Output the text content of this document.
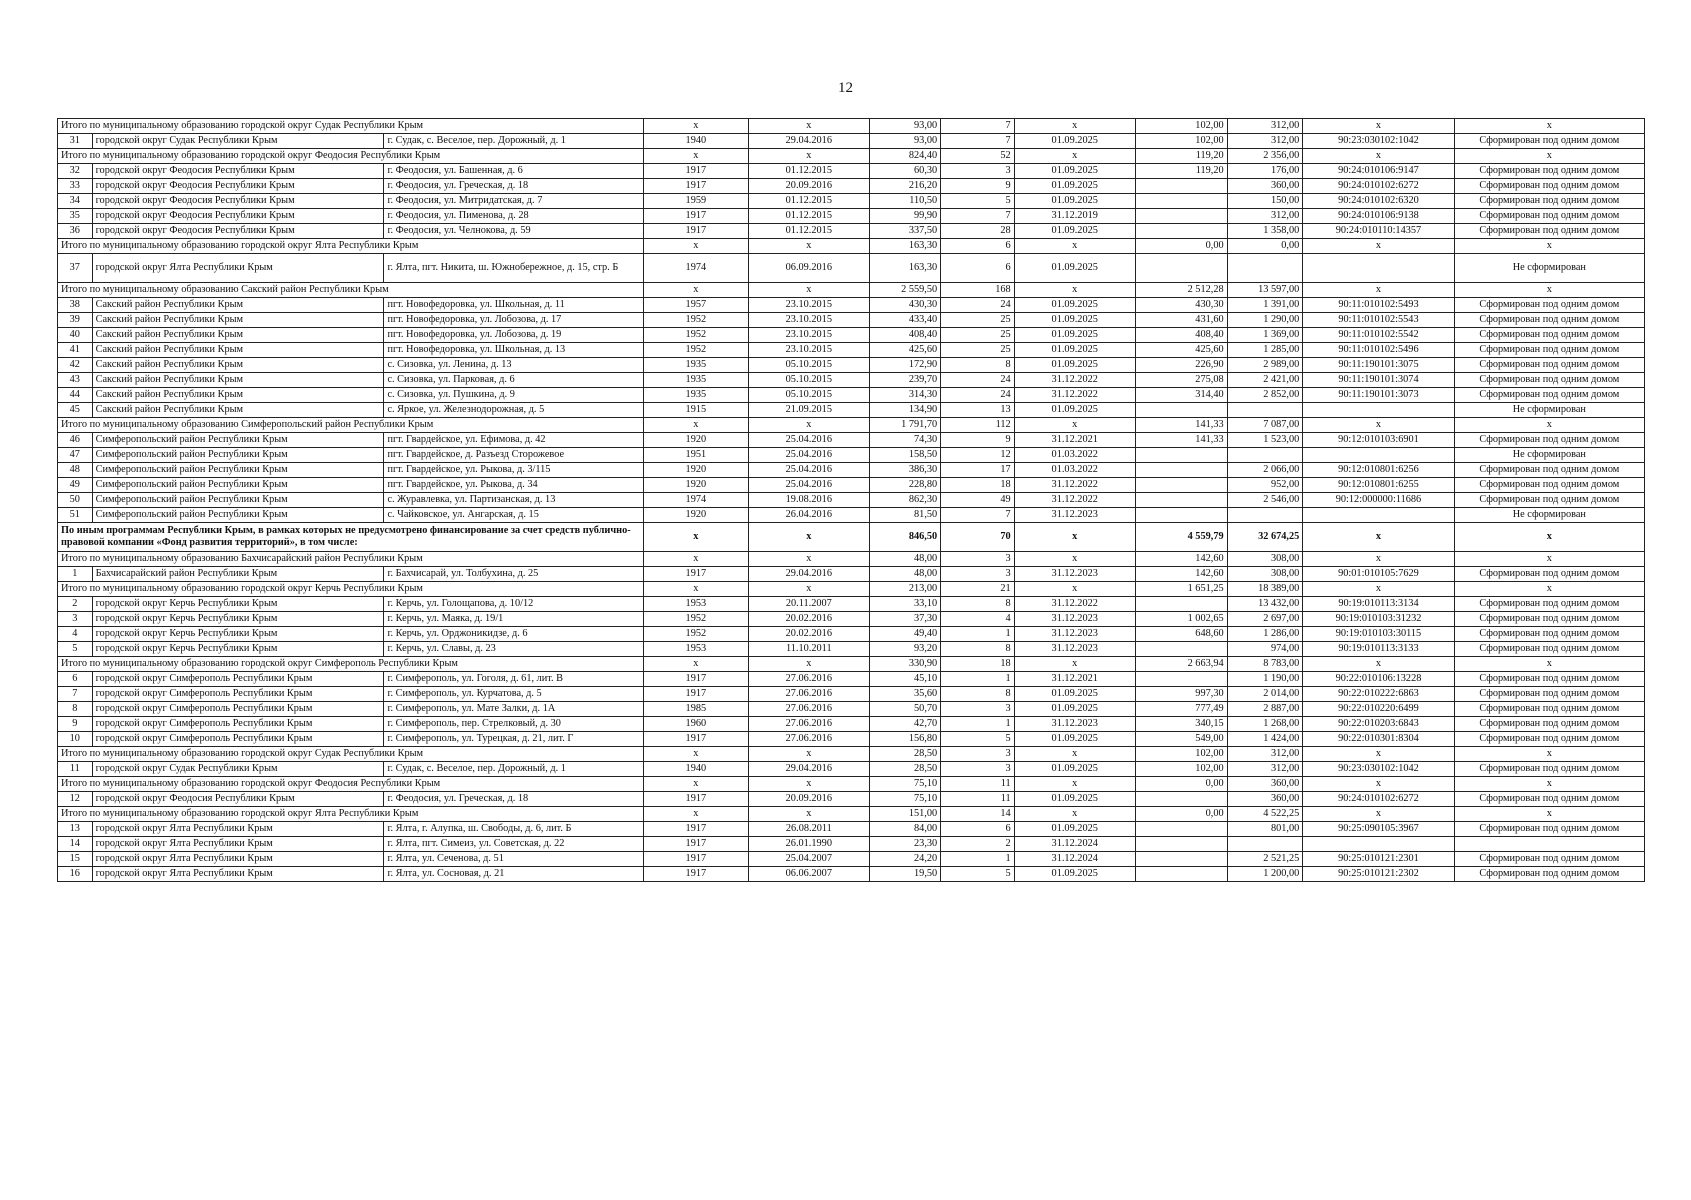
12
Итого по муниципальному образованию городской округ Судак Республики Крым			x	x	93,00	7	x	102,00	312,00	x	x
31	городской округ Судак Республики Крым	г. Судак, с. Веселое, пер. Дорожный, д. 1	1940	29.04.2016	93,00	7	01.09.2025	102,00	312,00	90:23:030102:1042	Сформирован под одним домом
Итого по муниципальному образованию городской округ Феодосия Республики Крым			x	x	824,40	52	x	119,20	2 356,00	x	x
32	городской округ Феодосия Республики Крым	г. Феодосия, ул. Башенная, д. 6	1917	01.12.2015	60,30	3	01.09.2025	119,20	176,00	90:24:010106:9147	Сформирован под одним домом
33	городской округ Феодосия Республики Крым	г. Феодосия, ул. Греческая, д. 18	1917	20.09.2016	216,20	9	01.09.2025		360,00	90:24:010102:6272	Сформирован под одним домом
34	городской округ Феодосия Республики Крым	г. Феодосия, ул. Митридатская, д. 7	1959	01.12.2015	110,50	5	01.09.2025		150,00	90:24:010102:6320	Сформирован под одним домом
35	городской округ Феодосия Республики Крым	г. Феодосия, ул. Пименова, д. 28	1917	01.12.2015	99,90	7	31.12.2019		312,00	90:24:010106:9138	Сформирован под одним домом
36	городской округ Феодосия Республики Крым	г. Феодосия, ул. Челнокова, д. 59	1917	01.12.2015	337,50	28	01.09.2025		1 358,00	90:24:010110:14357	Сформирован под одним домом
Итого по муниципальному образованию городской округ Ялта Республики Крым			x	x	163,30	6	x	0,00	0,00	x	x
37	городской округ Ялта Республики Крым	г. Ялта, пгт. Никита, ш. Южнобережное, д. 15, стр. Б	1974	06.09.2016	163,30	6	01.09.2025				Не сформирован
Итого по муниципальному образованию Сакский район Республики Крым			x	x	2 559,50	168	x	2 512,28	13 597,00	x	x
38	Сакский район Республики Крым	пгт. Новофедоровка, ул. Школьная, д. 11	1957	23.10.2015	430,30	24	01.09.2025	430,30	1 391,00	90:11:010102:5493	Сформирован под одним домом
39	Сакский район Республики Крым	пгт. Новофедоровка, ул. Лобозова, д. 17	1952	23.10.2015	433,40	25	01.09.2025	431,60	1 290,00	90:11:010102:5543	Сформирован под одним домом
40	Сакский район Республики Крым	пгт. Новофедоровка, ул. Лобозова, д. 19	1952	23.10.2015	408,40	25	01.09.2025	408,40	1 369,00	90:11:010102:5542	Сформирован под одним домом
41	Сакский район Республики Крым	пгт. Новофедоровка, ул. Школьная, д. 13	1952	23.10.2015	425,60	25	01.09.2025	425,60	1 285,00	90:11:010102:5496	Сформирован под одним домом
42	Сакский район Республики Крым	с. Сизовка, ул. Ленина, д. 13	1935	05.10.2015	172,90	8	01.09.2025	226,90	2 989,00	90:11:190101:3075	Сформирован под одним домом
43	Сакский район Республики Крым	с. Сизовка, ул. Парковая, д. 6	1935	05.10.2015	239,70	24	31.12.2022	275,08	2 421,00	90:11:190101:3074	Сформирован под одним домом
44	Сакский район Республики Крым	с. Сизовка, ул. Пушкина, д. 9	1935	05.10.2015	314,30	24	31.12.2022	314,40	2 852,00	90:11:190101:3073	Сформирован под одним домом
45	Сакский район Республики Крым	с. Яркое, ул. Железнодорожная, д. 5	1915	21.09.2015	134,90	13	01.09.2025				Не сформирован
Итого по муниципальному образованию Симферопольский район Республики Крым			x	x	1 791,70	112	x	141,33	7 087,00	x	x
46	Симферопольский район Республики Крым	пгт. Гвардейское, ул. Ефимова, д. 42	1920	25.04.2016	74,30	9	31.12.2021	141,33	1 523,00	90:12:010103:6901	Сформирован под одним домом
47	Симферопольский район Республики Крым	пгт. Гвардейское, д. Разъезд Сторожевое	1951	25.04.2016	158,50	12	01.03.2022				Не сформирован
48	Симферопольский район Республики Крым	пгт. Гвардейское, ул. Рыкова, д. 3/115	1920	25.04.2016	386,30	17	01.03.2022		2 066,00	90:12:010801:6256	Сформирован под одним домом
49	Симферопольский район Республики Крым	пгт. Гвардейское, ул. Рыкова, д. 34	1920	25.04.2016	228,80	18	31.12.2022		952,00	90:12:010801:6255	Сформирован под одним домом
50	Симферопольский район Республики Крым	с. Журавлевка, ул. Партизанская, д. 13	1974	19.08.2016	862,30	49	31.12.2022		2 546,00	90:12:000000:11686	Сформирован под одним домом
51	Симферопольский район Республики Крым	с. Чайковское, ул. Ангарская, д. 15	1920	26.04.2016	81,50	7	31.12.2023				Не сформирован
По иным программам Республики Крым, в рамках которых не предусмотрено финансирование за счет средств публично-правовой компании «Фонд развития территорий», в том числе:			x	x	846,50	70	x	4 559,79	32 674,25	x	x
Итого по муниципальному образованию Бахчисарайский район Республики Крым			x	x	48,00	3	x	142,60	308,00	x	x
1	Бахчисарайский район Республики Крым	г. Бахчисарай, ул. Толбухина, д. 25	1917	29.04.2016	48,00	3	31.12.2023	142,60	308,00	90:01:010105:7629	Сформирован под одним домом
Итого по муниципальному образованию городской округ Керчь Республики Крым			x	x	213,00	21	x	1 651,25	18 389,00	x	x
2	городской округ Керчь Республики Крым	г. Керчь, ул. Голощапова, д. 10/12	1953	20.11.2007	33,10	8	31.12.2022		13 432,00	90:19:010113:3134	Сформирован под одним домом
3	городской округ Керчь Республики Крым	г. Керчь, ул. Маяка, д. 19/1	1952	20.02.2016	37,30	4	31.12.2023	1 002,65	2 697,00	90:19:010103:31232	Сформирован под одним домом
4	городской округ Керчь Республики Крым	г. Керчь, ул. Орджоникидзе, д. 6	1952	20.02.2016	49,40	1	31.12.2023	648,60	1 286,00	90:19:010103:30115	Сформирован под одним домом
5	городской округ Керчь Республики Крым	г. Керчь, ул. Славы, д. 23	1953	11.10.2011	93,20	8	31.12.2023		974,00	90:19:010113:3133	Сформирован под одним домом
Итого по муниципальному образованию городской округ Симферополь Республики Крым			x	x	330,90	18	x	2 663,94	8 783,00	x	x
6	городской округ Симферополь Республики Крым	г. Симферополь, ул. Гоголя, д. 61, лит. В	1917	27.06.2016	45,10	1	31.12.2021		1 190,00	90:22:010106:13228	Сформирован под одним домом
7	городской округ Симферополь Республики Крым	г. Симферополь, ул. Курчатова, д. 5	1917	27.06.2016	35,60	8	01.09.2025	997,30	2 014,00	90:22:010222:6863	Сформирован под одним домом
8	городской округ Симферополь Республики Крым	г. Симферополь, ул. Мате Залки, д. 1А	1985	27.06.2016	50,70	3	01.09.2025	777,49	2 887,00	90:22:010220:6499	Сформирован под одним домом
9	городской округ Симферополь Республики Крым	г. Симферополь, пер. Стрелковый, д. 30	1960	27.06.2016	42,70	1	31.12.2023	340,15	1 268,00	90:22:010203:6843	Сформирован под одним домом
10	городской округ Симферополь Республики Крым	г. Симферополь, ул. Турецкая, д. 21, лит. Г	1917	27.06.2016	156,80	5	01.09.2025	549,00	1 424,00	90:22:010301:8304	Сформирован под одним домом
Итого по муниципальному образованию городской округ Судак Республики Крым			x	x	28,50	3	x	102,00	312,00	x	x
11	городской округ Судак Республики Крым	г. Судак, с. Веселое, пер. Дорожный, д. 1	1940	29.04.2016	28,50	3	01.09.2025	102,00	312,00	90:23:030102:1042	Сформирован под одним домом
Итого по муниципальному образованию городской округ Феодосия Республики Крым			x	x	75,10	11	x	0,00	360,00	x	x
12	городской округ Феодосия Республики Крым	г. Феодосия, ул. Греческая, д. 18	1917	20.09.2016	75,10	11	01.09.2025		360,00	90:24:010102:6272	Сформирован под одним домом
Итого по муниципальному образованию городской округ Ялта Республики Крым			x	x	151,00	14	x	0,00	4 522,25	x	x
13	городской округ Ялта Республики Крым	г. Ялта, г. Алупка, ш. Свободы, д. 6, лит. Б	1917	26.08.2011	84,00	6	01.09.2025		801,00	90:25:090105:3967	Сформирован под одним домом
14	городской округ Ялта Республики Крым	г. Ялта, пгт. Симеиз, ул. Советская, д. 22	1917	26.01.1990	23,30	2	31.12.2024				
15	городской округ Ялта Республики Крым	г. Ялта, ул. Сеченова, д. 51	1917	25.04.2007	24,20	1	31.12.2024		2 521,25	90:25:010121:2301	Сформирован под одним домом
16	городской округ Ялта Республики Крым	г. Ялта, ул. Сосновая, д. 21	1917	06.06.2007	19,50	5	01.09.2025		1 200,00	90:25:010121:2302	Сформирован под одним домом
